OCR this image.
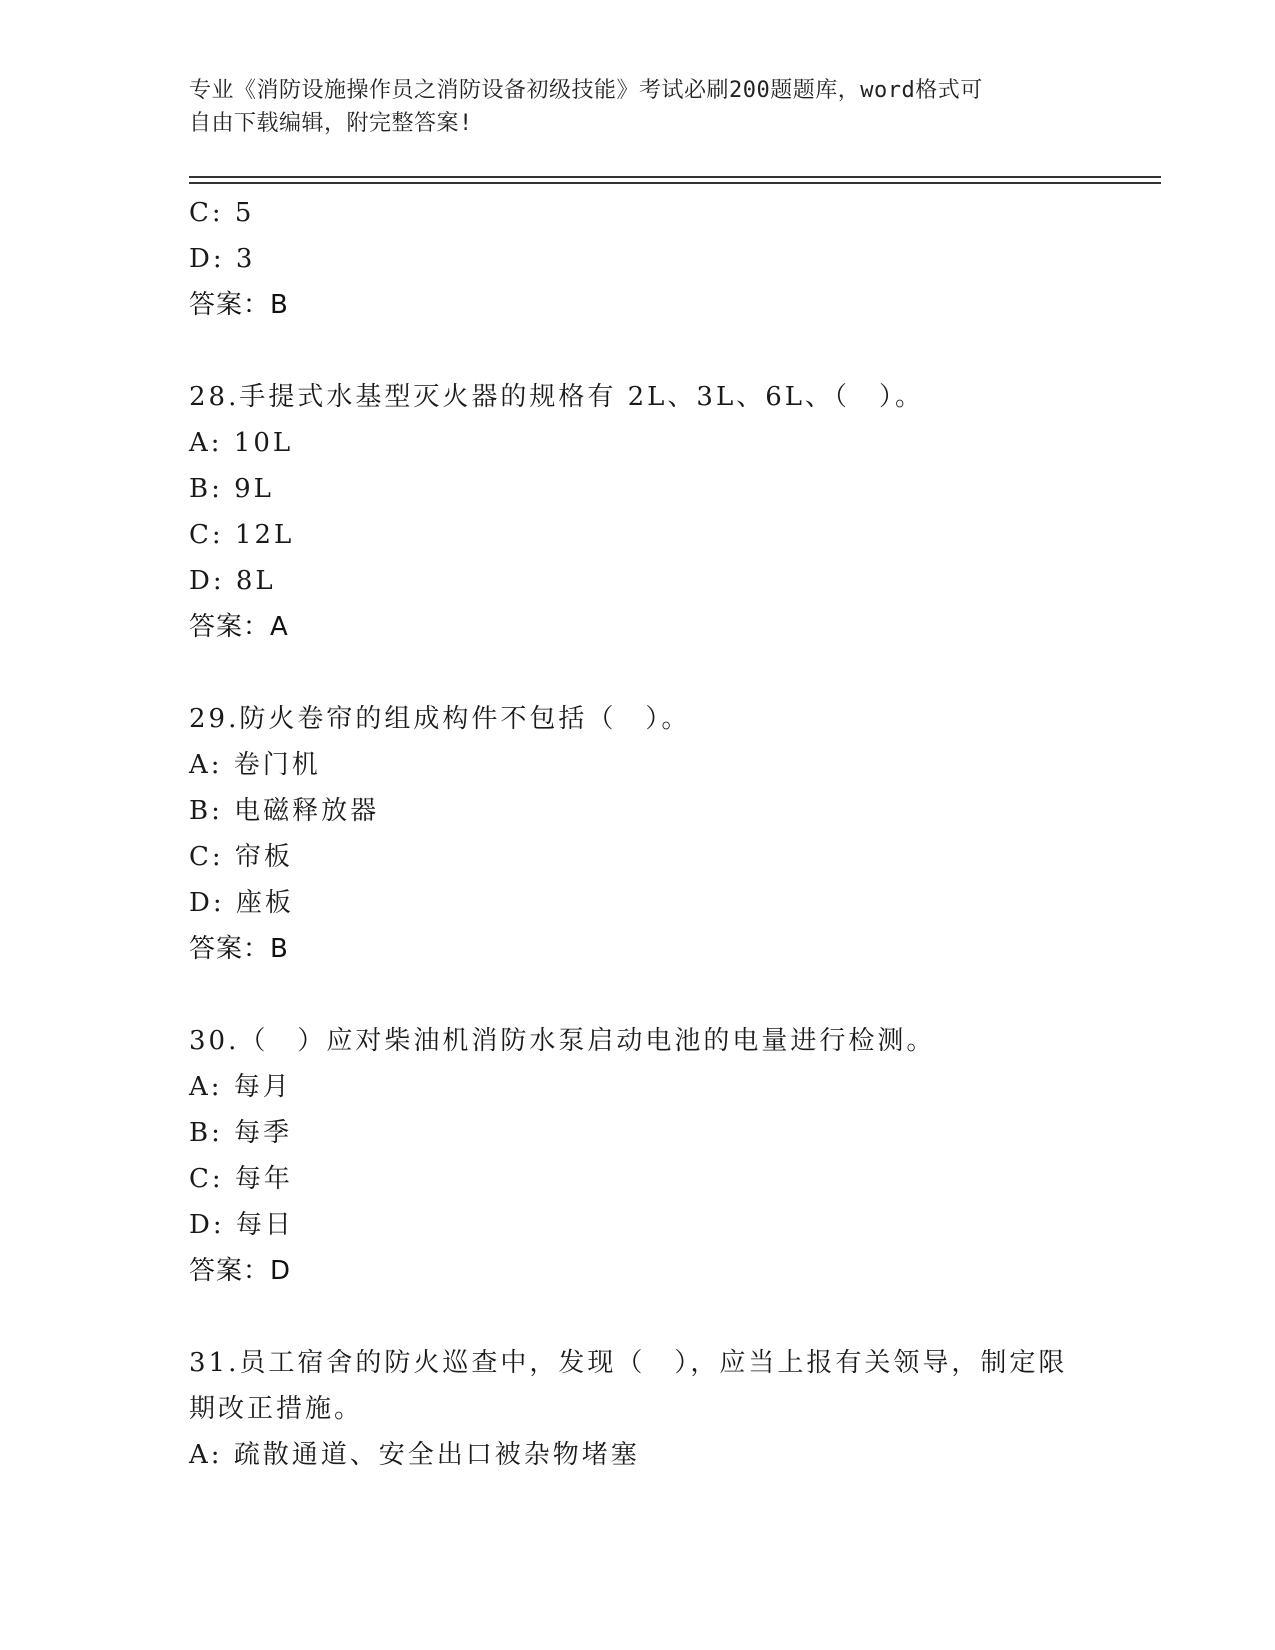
专业《消防设施操作员之消防设备初级技能》考试必刷200题题库，word格式可
自由下载编辑，附完整答案!
C: 5
D: 3
答案：B
28.手提式水基型灭火器的规格有 2L、3L、6L、（　）。
A: 10L
B: 9L
C: 12L
D: 8L
答案：A
29.防火卷帘的组成构件不包括（　）。
A: 卷门机
B: 电磁释放器
C: 帘板
D: 座板
答案：B
30.（　）应对柴油机消防水泵启动电池的电量进行检测。
A: 每月
B: 每季
C: 每年
D: 每日
答案：D
31.员工宿舍的防火巡查中，发现（　），应当上报有关领导，制定限
期改正措施。
A: 疏散通道、安全出口被杂物堵塞
